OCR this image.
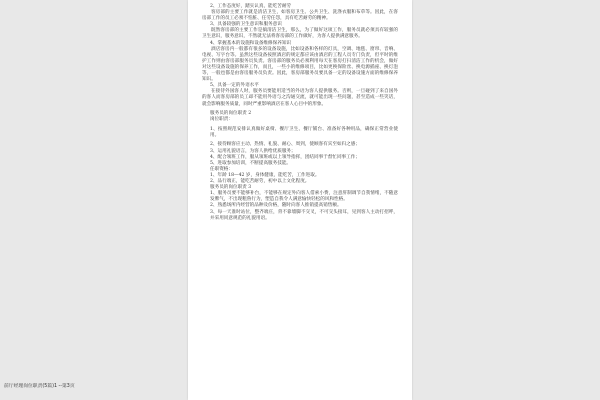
2、工作态度好，踏实认真，能吃苦耐劳
客房部的主要工作就是清洁卫生，如客房卫生、公共卫生、洗涤衣服和布草等。因此，在客房部工作的员工必须不怕脏、任劳任怨，具有吃苦耐劳的精神。
3、具备较强的卫生意识和服务意识
既然客房部的主要工作是搞清洁卫生，那么，为了做好这项工作，服务员就必须具有较强的卫生意识，服务意识，不然就无法将客房部的工作做好，为客人提供满意服务。
4、掌握基本的设施和设备维修保养知识
酒店客房内一般都有很多的设备设施，比如设备和各样的灯具，空调、地毯、窗帘、音响、电视、写字台等。虽然这些设备按照酒店的规定都应该由酒店的工程人员专门负责，但平时的维护工作则由客房部服务员负责。客房部的服务员必须利用每天在客房打扫清洁工作的机会，做好对这些设备设施的保养工作，而且，一些小的维修项目，比如更换保险丝、换电源插座、换灯泡等，一般也都是由客房服务员负责。因此，客房部服务员要具备一定的设备设施方面的维修保养知识。
5、具备一定的外语水平
在接待外国客人时，服务员要能用适当的外语为客人提供服务。否则，一旦碰到了来自国外的客人而客房部的员工却不能用外语与之沟通交流，就可能出现一些问题，甚至造成一些笑话，就会影响服务质量，同时严重影响酒店在客人心目中的形象。
服务员的岗位职责 2
岗位职责：
1、按照规范安排认真做好桌椅、餐厅卫生、餐厅铺台、准备好各种用品，确保正常营业使用。
2、接待顾客应主动、热情、礼貌、耐心、周到，使顾客有宾至如归之感；
3、运用礼貌语言，为客人供给优质服务；
4、配合领班工作，服从领班或以上领导指挥，团结同事于督忙同事工作；
5、进取参加培训，不断提高服务技能。
任职资格：
1、年龄 18—42 岁，身体健康，能吃苦，工作进取。
2、品行端正，能吃苦耐劳，初中以上文化程度。
服务员的岗位职责 3
1、服务员要不能够补台，不能够在规定外向客人借索小费，注意肝制调节自我情绪，不随意发脾气，不出现粗鲁行为，塑造自我令人满意愉快轻松的风和性格。
2、熟悉场所内经营的品种及价格，随时向客人推销提高销售额。
3、每一天准时站位，整齐端庄，背不靠墙脚不交叉，不可交头接耳，见到客人主动打招呼，并采用同意规范的礼貌用语。
前厅经理岗位职责(5篇)1 --第3页
